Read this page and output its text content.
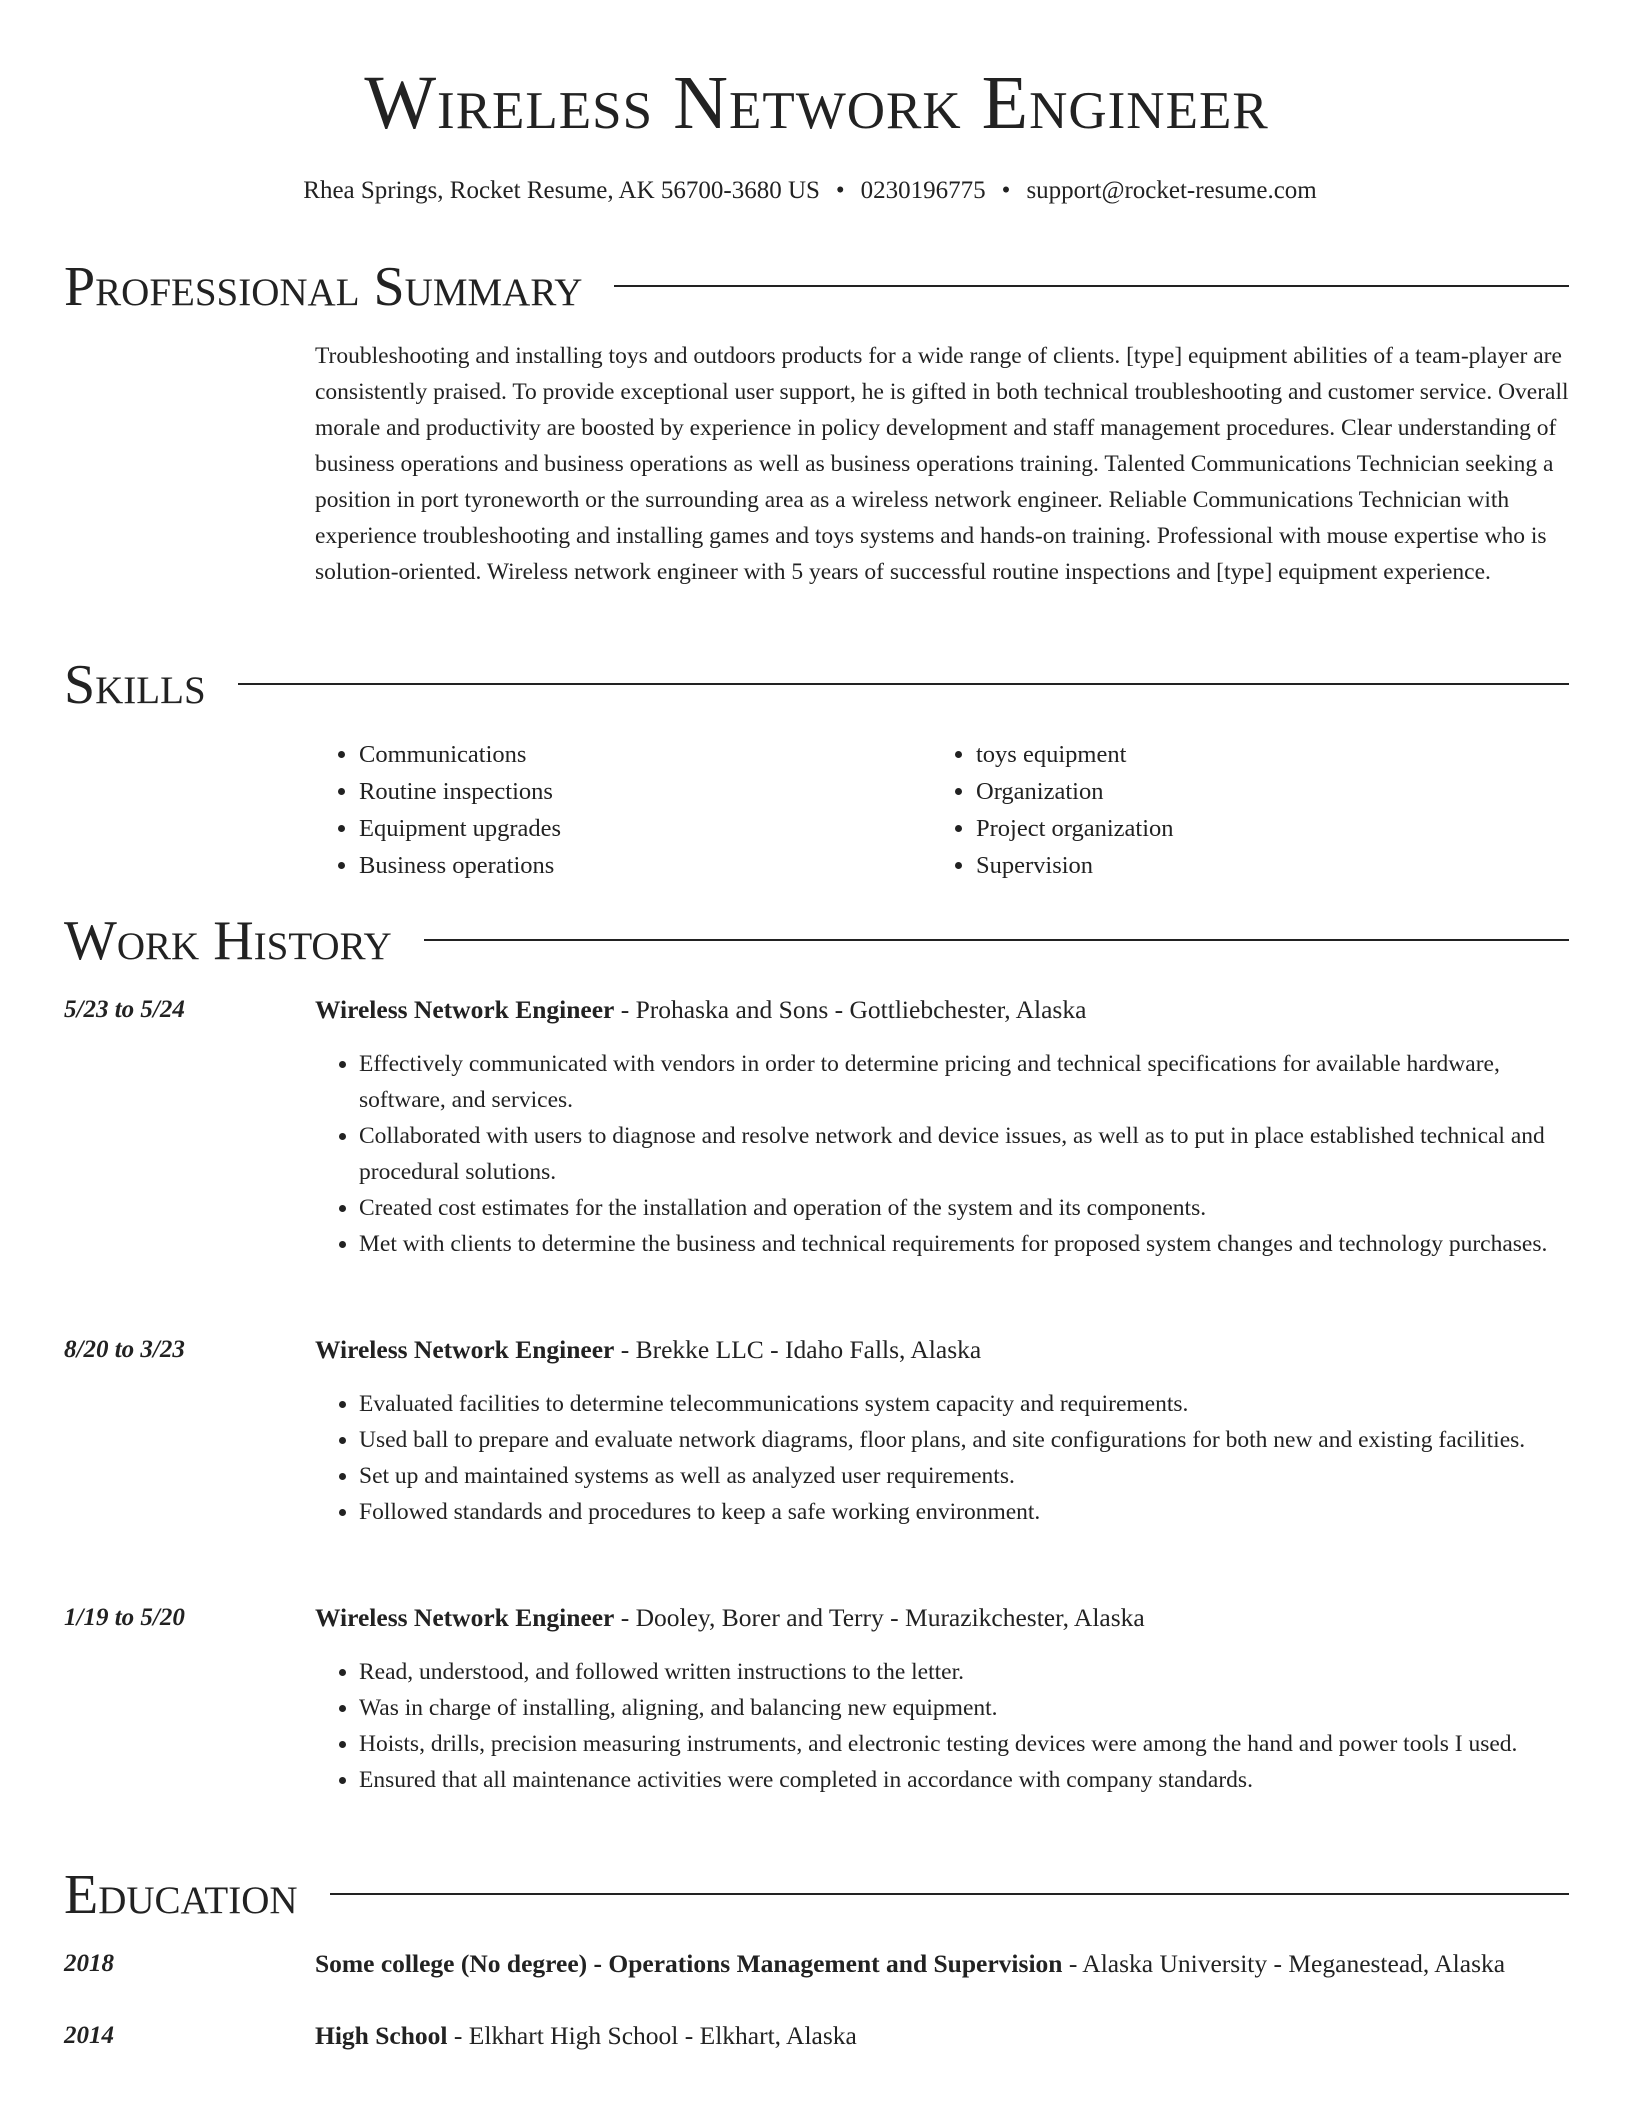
Wireless Network Engineer
Rhea Springs, Rocket Resume, AK 56700-3680 US • 0230196775 • support@rocket-resume.com
Professional Summary

Troubleshooting and installing toys and outdoors products for a wide range of clients. [type] equipment abilities of a team-player are consistently praised. To provide exceptional user support, he is gifted in both technical troubleshooting and customer service. Overall morale and productivity are boosted by experience in policy development and staff management procedures. Clear understanding of business operations and business operations as well as business operations training. Talented Communications Technician seeking a position in port tyroneworth or the surrounding area as a wireless network engineer. Reliable Communications Technician with experience troubleshooting and installing games and toys systems and hands-on training. Professional with mouse expertise who is solution-oriented. Wireless network engineer with 5 years of successful routine inspections and [type] equipment experience.

Skills
• Communications
• Routine inspections
• Equipment upgrades
• Business operations
• toys equipment
• Organization
• Project organization
• Supervision
Work History
5/23 to 5/24	Wireless Network Engineer - Prohaska and Sons - Gottliebchester, Alaska
• Effectively communicated with vendors in order to determine pricing and technical specifications for available hardware, software, and services.
• Collaborated with users to diagnose and resolve network and device issues, as well as to put in place established technical and procedural solutions.
• Created cost estimates for the installation and operation of the system and its components.
• Met with clients to determine the business and technical requirements for proposed system changes and technology purchases.
8/20 to 3/23	Wireless Network Engineer - Brekke LLC - Idaho Falls, Alaska
• Evaluated facilities to determine telecommunications system capacity and requirements.
• Used ball to prepare and evaluate network diagrams, floor plans, and site configurations for both new and existing facilities.
• Set up and maintained systems as well as analyzed user requirements.
• Followed standards and procedures to keep a safe working environment.
1/19 to 5/20	Wireless Network Engineer - Dooley, Borer and Terry - Murazikchester, Alaska
• Read, understood, and followed written instructions to the letter.
• Was in charge of installing, aligning, and balancing new equipment.
• Hoists, drills, precision measuring instruments, and electronic testing devices were among the hand and power tools I used.
• Ensured that all maintenance activities were completed in accordance with company standards.
Education
2018	Some college (No degree) - Operations Management and Supervision - Alaska University - Meganestead, Alaska
2014	High School - Elkhart High School - Elkhart, Alaska
